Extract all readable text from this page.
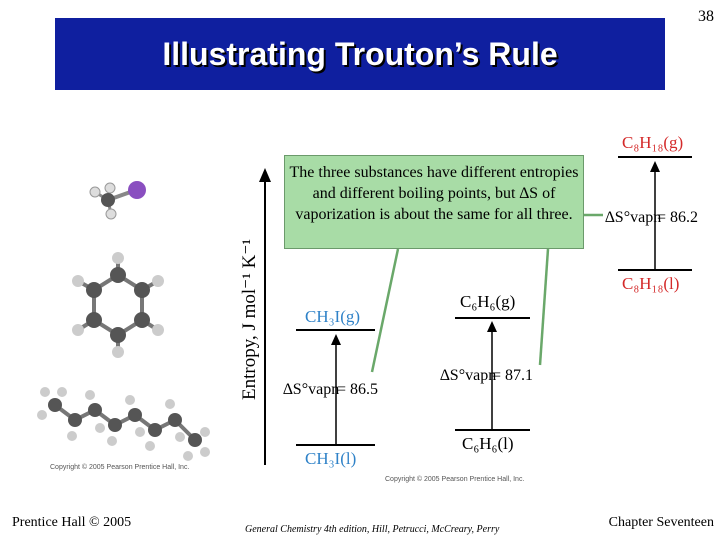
38
Illustrating Trouton’s Rule
Copyright © 2005 Pearson Prentice Hall, Inc.
Entropy, J mol⁻¹ K⁻¹	CH₃I(g)
CH₃I(l)
∆S°vapn
= 86.5
C₆H₆(g)
C₆H₆(l)
∆S°vapn
= 87.1
C₈H₁₈(g)
C₈H₁₈(l)
∆S°vapn
= 86.2
Copyright © 2005 Pearson Prentice Hall, Inc.
The three substances have different entropies and different boiling points, but ∆S of vaporization is about the same for all three.
Prentice Hall © 2005	General Chemistry 4th edition, Hill, Petrucci, McCreary, Perry	Chapter Seventeen
